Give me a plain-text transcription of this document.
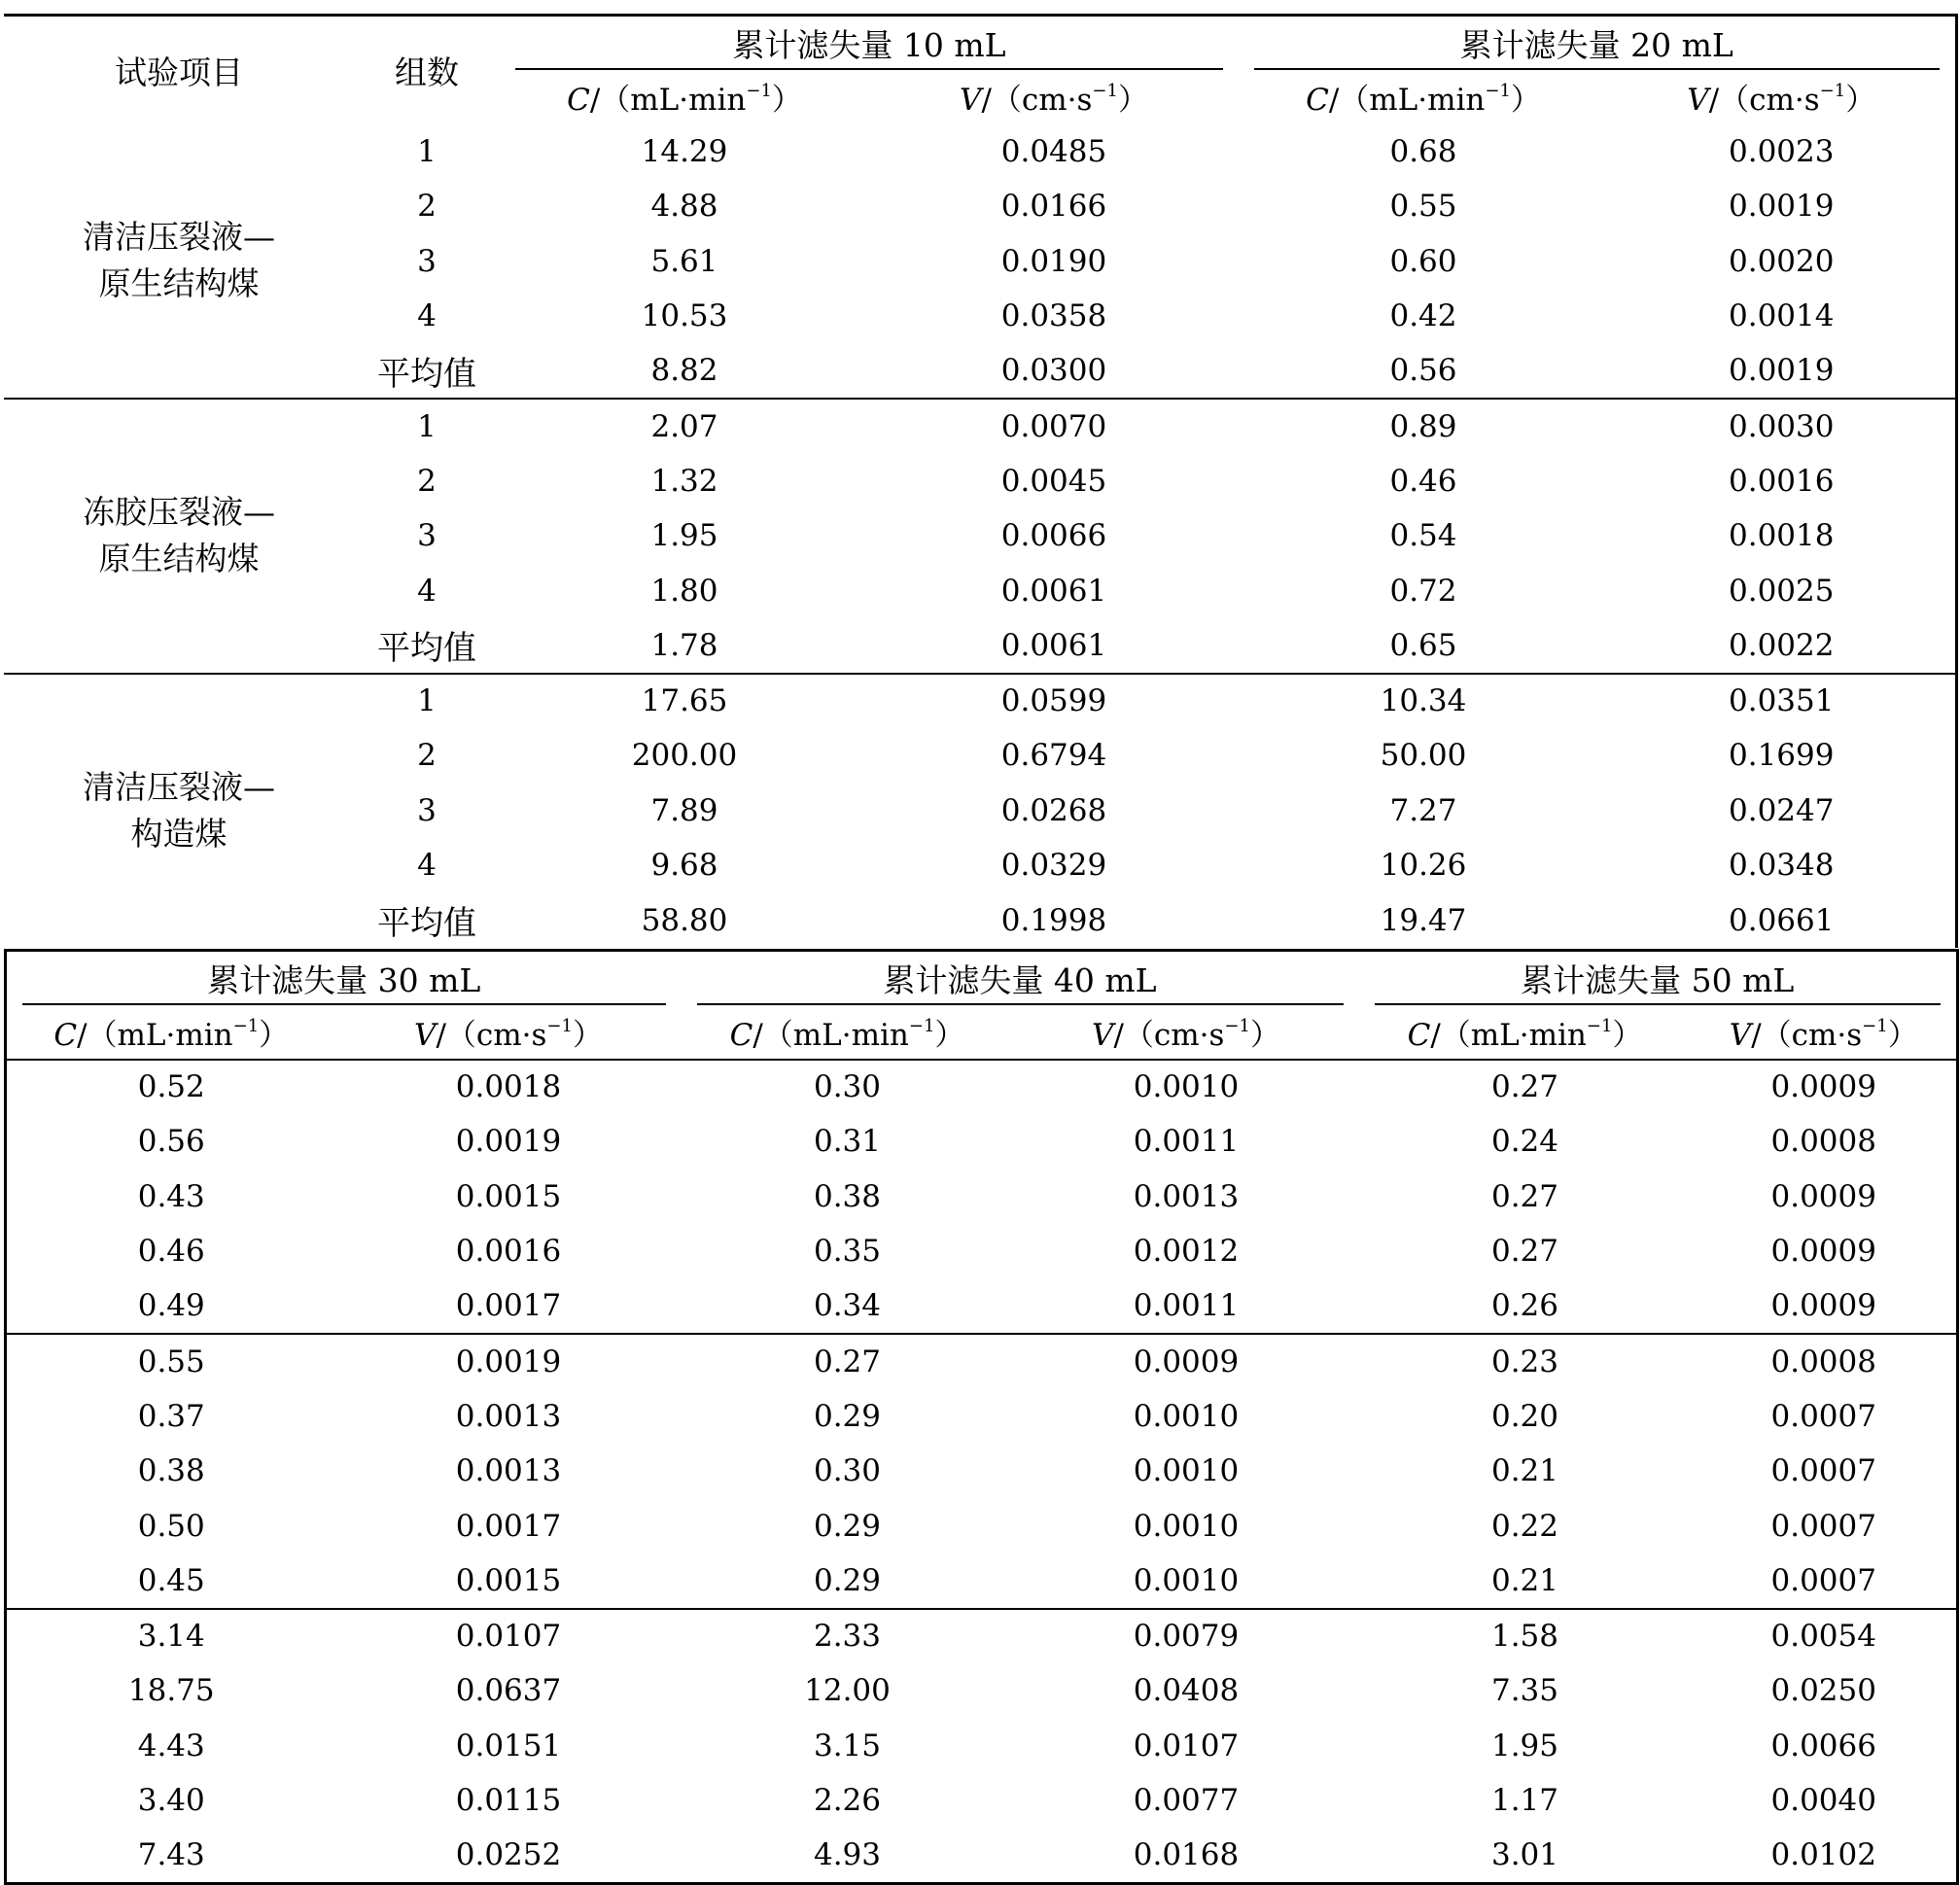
试验项目	组数	累计滤失量 10 mL		累计滤失量 20 mL	
		$C/(mL\cdot\min^{-1})$	$V/(cm\cdot s^{-1})$	$C/(mL\cdot\min^{-1})$	$V/(cm\cdot s^{-1})$

清洁压裂液—
原生结构煤	1	14.29	0.0485	0.68	0.0023
	2	4.88	0.0166	0.55	0.0019
	3	5.61	0.0190	0.60	0.0020
	4	10.53	0.0358	0.42	0.0014
	平均值	8.82	0.0300	0.56	0.0019

冻胶压裂液—
原生结构煤	1	2.07	0.0070	0.89	0.0030
	2	1.32	0.0045	0.46	0.0016
	3	1.95	0.0066	0.54	0.0018
	4	1.80	0.0061	0.72	0.0025
	平均值	1.78	0.0061	0.65	0.0022

清洁压裂液—
构造煤	1	17.65	0.0599	10.34	0.0351
	2	200.00	0.6794	50.00	0.1699
	3	7.89	0.0268	7.27	0.0247
	4	9.68	0.0329	10.26	0.0348
	平均值	58.80	0.1998	19.47	0.0661
累计滤失量 30 mL		累计滤失量 40 mL		累计滤失量 50 mL	
$C/(mL\cdot\min^{-1})$	$V/(cm\cdot s^{-1})$	$C/(mL\cdot\min^{-1})$	$V/(cm\cdot s^{-1})$	$C/(mL\cdot\min^{-1})$	$V/(cm\cdot s^{-1})$
0.52	0.0018	0.30	0.0010	0.27	0.0009
0.56	0.0019	0.31	0.0011	0.24	0.0008
0.43	0.0015	0.38	0.0013	0.27	0.0009
0.46	0.0016	0.35	0.0012	0.27	0.0009
0.49	0.0017	0.34	0.0011	0.26	0.0009
0.55	0.0019	0.27	0.0009	0.23	0.0008
0.37	0.0013	0.29	0.0010	0.20	0.0007
0.38	0.0013	0.30	0.0010	0.21	0.0007
0.50	0.0017	0.29	0.0010	0.22	0.0007
0.45	0.0015	0.29	0.0010	0.21	0.0007
3.14	0.0107	2.33	0.0079	1.58	0.0054
18.75	0.0637	12.00	0.0408	7.35	0.0250
4.43	0.0151	3.15	0.0107	1.95	0.0066
3.40	0.0115	2.26	0.0077	1.17	0.0040
7.43	0.0252	4.93	0.0168	3.01	0.0102
